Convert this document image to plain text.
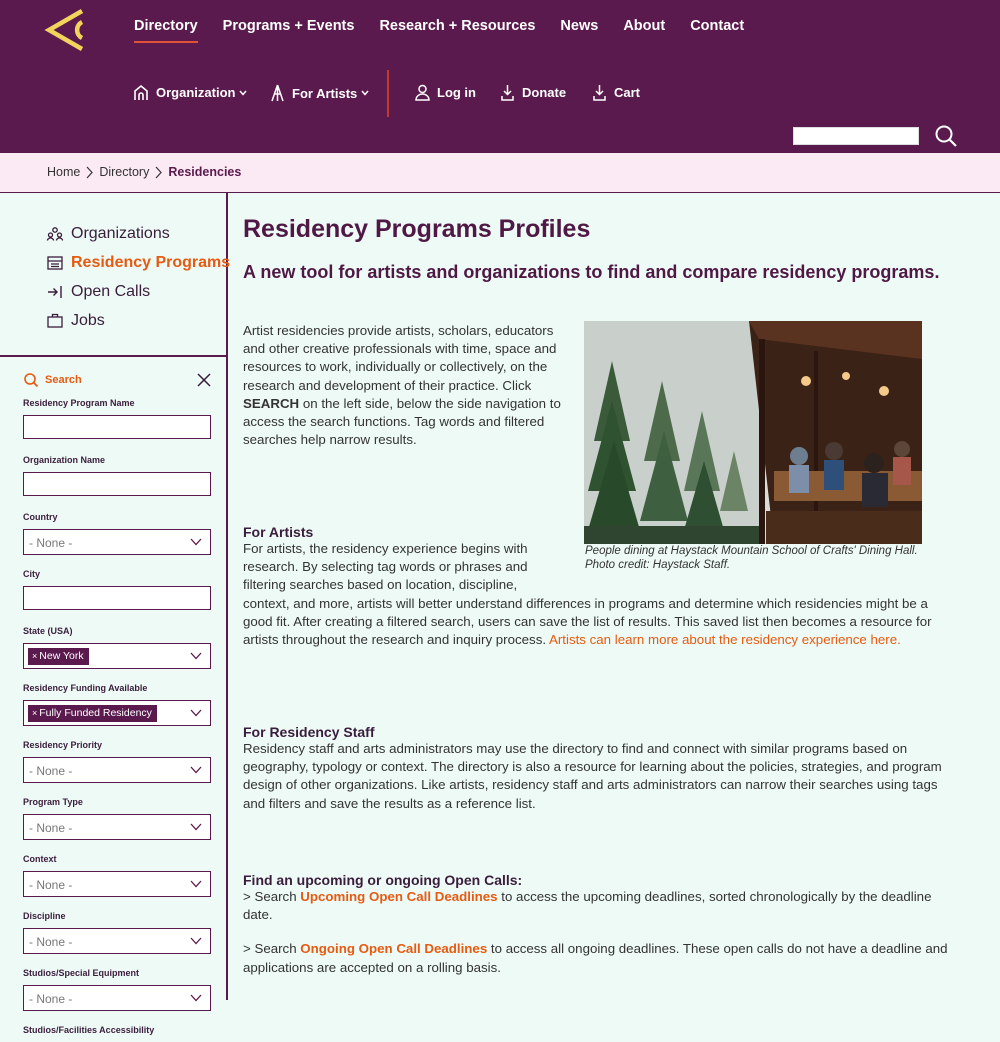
Directory Programs + Events Research + Resources News About Contact
Organization	For Artists	Log in	Donate	Cart
Home Directory Residencies
Organizations
Residency Programs
Open Calls
Jobs
Search
Residency Program Name
Organization Name
Country
- None -
City
State (USA)
× New York
Residency Funding Available
× Fully Funded Residency
Residency Priority
- None -
Program Type
- None -
Context
- None -
Discipline
- None -
Studios/Special Equipment
- None -
Studios/Facilities Accessibility
Residency Programs Profiles
A new tool for artists and organizations to find and compare residency programs.

Artist residencies provide artists, scholars, educators and other creative professionals with time, space and resources to work, individually or collectively, on the research and development of their practice. Click SEARCH on the left side, below the side navigation to access the search functions. Tag words and filtered searches help narrow results.

People dining at Haystack Mountain School of Crafts' Dining Hall. Photo credit: Haystack Staff.

For Artists

For artists, the residency experience begins with
research. By selecting tag words or phrases and
filtering searches based on location, discipline,
context, and more, artists will better understand differences in programs and determine which residencies might be a good fit. After creating a filtered search, users can save the list of results. This saved list then becomes a resource for artists throughout the research and inquiry process. Artists can learn more about the residency experience here.

For Residency Staff

Residency staff and arts administrators may use the directory to find and connect with similar programs based on geography, typology or context. The directory is also a resource for learning about the policies, strategies, and program design of other organizations. Like artists, residency staff and arts administrators can narrow their searches using tags and filters and save the results as a reference list.

Find an upcoming or ongoing Open Calls:

> Search Upcoming Open Call Deadlines to access the upcoming deadlines, sorted chronologically by the deadline date.

> Search Ongoing Open Call Deadlines to access all ongoing deadlines. These open calls do not have a deadline and applications are accepted on a rolling basis.
